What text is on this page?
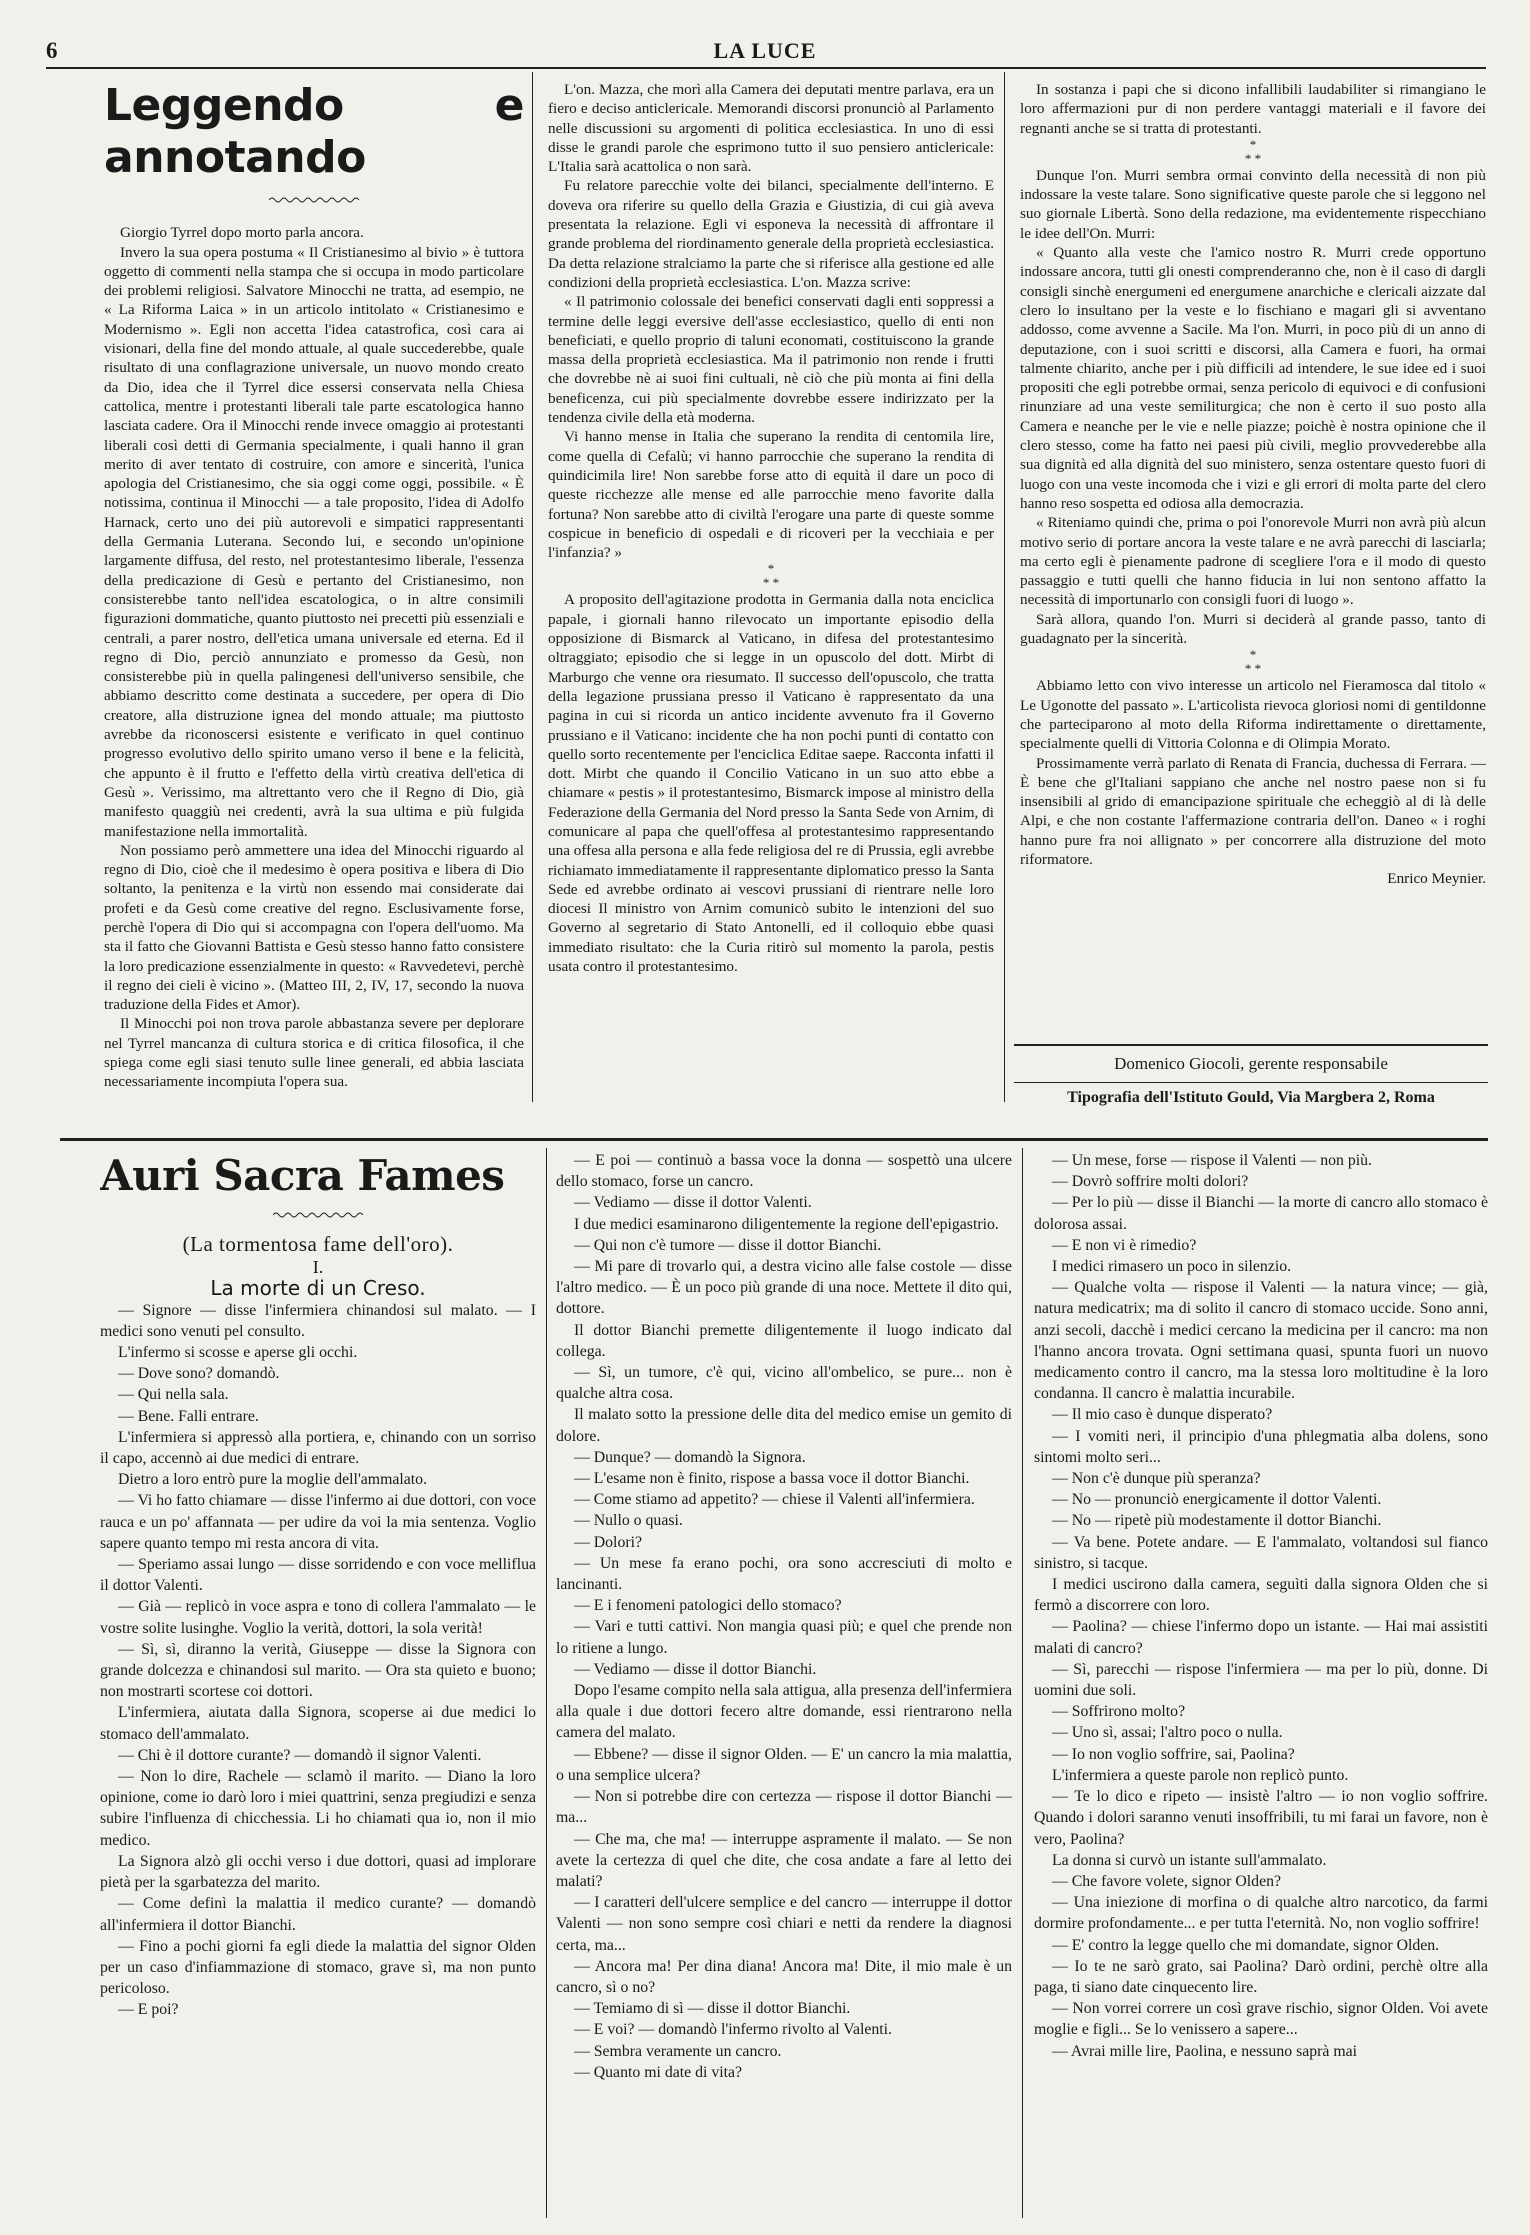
6	LA LUCE

Leggendo e annotando

Giorgio Tyrrel dopo morto parla ancora.

Invero la sua opera postuma « Il Cristianesimo al bivio » è tuttora oggetto di commenti nella stampa che si occupa in modo particolare dei problemi religiosi. Salvatore Minocchi ne tratta, ad esempio, ne « La Riforma Laica » in un articolo intitolato « Cristianesimo e Modernismo ». Egli non accetta l'idea catastrofica, così cara ai visionari, della fine del mondo attuale, al quale succederebbe, quale risultato di una conflagrazione universale, un nuovo mondo creato da Dio, idea che il Tyrrel dice essersi conservata nella Chiesa cattolica, mentre i protestanti liberali tale parte escatologica hanno lasciata cadere. Ora il Minocchi rende invece omaggio ai protestanti liberali così detti di Germania specialmente, i quali hanno il gran merito di aver tentato di costruire, con amore e sincerità, l'unica apologia del Cristianesimo, che sia oggi come oggi, possibile. « È notissima, continua il Minocchi — a tale proposito, l'idea di Adolfo Harnack, certo uno dei più autorevoli e simpatici rappresentanti della Germania Luterana. Secondo lui, e secondo un'opinione largamente diffusa, del resto, nel protestantesimo liberale, l'essenza della predicazione di Gesù e pertanto del Cristianesimo, non consisterebbe tanto nell'idea escatologica, o in altre consimili figurazioni dommatiche, quanto piuttosto nei precetti più essenziali e centrali, a parer nostro, dell'etica umana universale ed eterna. Ed il regno di Dio, perciò annunziato e promesso da Gesù, non consisterebbe più in quella palingenesi dell'universo sensibile, che abbiamo descritto come destinata a succedere, per opera di Dio creatore, alla distruzione ignea del mondo attuale; ma piuttosto avrebbe da riconoscersi esistente e verificato in quel continuo progresso evolutivo dello spirito umano verso il bene e la felicità, che appunto è il frutto e l'effetto della virtù creativa dell'etica di Gesù ». Verissimo, ma altrettanto vero che il Regno di Dio, già manifesto quaggiù nei credenti, avrà la sua ultima e più fulgida manifestazione nella immortalità.

Non possiamo però ammettere una idea del Minocchi riguardo al regno di Dio, cioè che il medesimo è opera positiva e libera di Dio soltanto, la penitenza e la virtù non essendo mai considerate dai profeti e da Gesù come creative del regno. Esclusivamente forse, perchè l'opera di Dio qui si accompagna con l'opera dell'uomo. Ma sta il fatto che Giovanni Battista e Gesù stesso hanno fatto consistere la loro predicazione essenzialmente in questo: « Ravvedetevi, perchè il regno dei cieli è vicino ». (Matteo III, 2, IV, 17, secondo la nuova traduzione della Fides et Amor).

Il Minocchi poi non trova parole abbastanza severe per deplorare nel Tyrrel mancanza di cultura storica e di critica filosofica, il che spiega come egli siasi tenuto sulle linee generali, ed abbia lasciata necessariamente incompiuta l'opera sua.

L'on. Mazza, che morì alla Camera dei deputati mentre parlava, era un fiero e deciso anticlericale. Memorandi discorsi pronunciò al Parlamento nelle discussioni su argomenti di politica ecclesiastica. In uno di essi disse le grandi parole che esprimono tutto il suo pensiero anticlericale: L'Italia sarà acattolica o non sarà.

Fu relatore parecchie volte dei bilanci, specialmente dell'interno. E doveva ora riferire su quello della Grazia e Giustizia, di cui già aveva presentata la relazione. Egli vi esponeva la necessità di affrontare il grande problema del riordinamento generale della proprietà ecclesiastica. Da detta relazione stralciamo la parte che si riferisce alla gestione ed alle condizioni della proprietà ecclesiastica. L'on. Mazza scrive:

« Il patrimonio colossale dei benefici conservati dagli enti soppressi a termine delle leggi eversive dell'asse ecclesiastico, quello di enti non beneficiati, e quello proprio di taluni economati, costituiscono la grande massa della proprietà ecclesiastica. Ma il patrimonio non rende i frutti che dovrebbe nè ai suoi fini cultuali, nè ciò che più monta ai fini della beneficenza, cui più specialmente dovrebbe essere indirizzato per la tendenza civile della età moderna.

Vi hanno mense in Italia che superano la rendita di centomila lire, come quella di Cefalù; vi hanno parrocchie che superano la rendita di quindicimila lire! Non sarebbe forse atto di equità il dare un poco di queste ricchezze alle mense ed alle parrocchie meno favorite dalla fortuna? Non sarebbe atto di civiltà l'erogare una parte di queste somme cospicue in beneficio di ospedali e di ricoveri per la vecchiaia e per l'infanzia? »

*
* *

A proposito dell'agitazione prodotta in Germania dalla nota enciclica papale, i giornali hanno rilevocato un importante episodio della opposizione di Bismarck al Vaticano, in difesa del protestantesimo oltraggiato; episodio che si legge in un opuscolo del dott. Mirbt di Marburgo che venne ora riesumato. Il successo dell'opuscolo, che tratta della legazione prussiana presso il Vaticano è rappresentato da una pagina in cui si ricorda un antico incidente avvenuto fra il Governo prussiano e il Vaticano: incidente che ha non pochi punti di contatto con quello sorto recentemente per l'enciclica Editae saepe. Racconta infatti il dott. Mirbt che quando il Concilio Vaticano in un suo atto ebbe a chiamare « pestis » il protestantesimo, Bismarck impose al ministro della Federazione della Germania del Nord presso la Santa Sede von Arnim, di comunicare al papa che quell'offesa al protestantesimo rappresentando una offesa alla persona e alla fede religiosa del re di Prussia, egli avrebbe richiamato immediatamente il rappresentante diplomatico presso la Santa Sede ed avrebbe ordinato ai vescovi prussiani di rientrare nelle loro diocesi Il ministro von Arnim comunicò subito le intenzioni del suo Governo al segretario di Stato Antonelli, ed il colloquio ebbe quasi immediato risultato: che la Curia ritirò sul momento la parola, pestis usata contro il protestantesimo.

In sostanza i papi che si dicono infallibili laudabiliter si rimangiano le loro affermazioni pur di non perdere vantaggi materiali e il favore dei regnanti anche se si tratta di protestanti.

*
* *

Dunque l'on. Murri sembra ormai convinto della necessità di non più indossare la veste talare. Sono significative queste parole che si leggono nel suo giornale Libertà. Sono della redazione, ma evidentemente rispecchiano le idee dell'On. Murri:

« Quanto alla veste che l'amico nostro R. Murri crede opportuno indossare ancora, tutti gli onesti comprenderanno che, non è il caso di dargli consigli sinchè energumeni ed energumene anarchiche e clericali aizzate dal clero lo insultano per la veste e lo fischiano e magari gli si avventano addosso, come avvenne a Sacile. Ma l'on. Murri, in poco più di un anno di deputazione, con i suoi scritti e discorsi, alla Camera e fuori, ha ormai talmente chiarito, anche per i più difficili ad intendere, le sue idee ed i suoi propositi che egli potrebbe ormai, senza pericolo di equivoci e di confusioni rinunziare ad una veste semiliturgica; che non è certo il suo posto alla Camera e neanche per le vie e nelle piazze; poichè è nostra opinione che il clero stesso, come ha fatto nei paesi più civili, meglio provvederebbe alla sua dignità ed alla dignità del suo ministero, senza ostentare questo fuori di luogo con una veste incomoda che i vizi e gli errori di molta parte del clero hanno reso sospetta ed odiosa alla democrazia.

« Riteniamo quindi che, prima o poi l'onorevole Murri non avrà più alcun motivo serio di portare ancora la veste talare e ne avrà parecchi di lasciarla; ma certo egli è pienamente padrone di scegliere l'ora e il modo di questo passaggio e tutti quelli che hanno fiducia in lui non sentono affatto la necessità di importunarlo con consigli fuori di luogo ».

Sarà allora, quando l'on. Murri si deciderà al grande passo, tanto di guadagnato per la sincerità.

*
* *

Abbiamo letto con vivo interesse un articolo nel Fieramosca dal titolo « Le Ugonotte del passato ». L'articolista rievoca gloriosi nomi di gentildonne che parteciparono al moto della Riforma indirettamente o direttamente, specialmente quelli di Vittoria Colonna e di Olimpia Morato.

Prossimamente verrà parlato di Renata di Francia, duchessa di Ferrara. — È bene che gl'Italiani sappiano che anche nel nostro paese non si fu insensibili al grido di emancipazione spirituale che echeggiò al di là delle Alpi, e che non costante l'affermazione contraria dell'on. Daneo « i roghi hanno pure fra noi allignato » per concorrere alla distruzione del moto riformatore.

Enrico Meynier.

Domenico Giocoli, gerente responsabile
Tipografia dell'Istituto Gould, Via Margbera 2, Roma

Auri Sacra Fames

(La tormentosa fame dell'oro).

I.

La morte di un Creso.

— Signore — disse l'infermiera chinandosi sul malato. — I medici sono venuti pel consulto.

L'infermo si scosse e aperse gli occhi.

— Dove sono? domandò.

— Qui nella sala.

— Bene. Falli entrare.

L'infermiera si appressò alla portiera, e, chinando con un sorriso il capo, accennò ai due medici di entrare.

Dietro a loro entrò pure la moglie dell'ammalato.

— Vi ho fatto chiamare — disse l'infermo ai due dottori, con voce rauca e un po' affannata — per udire da voi la mia sentenza. Voglio sapere quanto tempo mi resta ancora di vita.

— Speriamo assai lungo — disse sorridendo e con voce melliflua il dottor Valenti.

— Già — replicò in voce aspra e tono di collera l'ammalato — le vostre solite lusinghe. Voglio la verità, dottori, la sola verità!

— Sì, sì, diranno la verità, Giuseppe — disse la Signora con grande dolcezza e chinandosi sul marito. — Ora sta quieto e buono; non mostrarti scortese coi dottori.

L'infermiera, aiutata dalla Signora, scoperse ai due medici lo stomaco dell'ammalato.

— Chi è il dottore curante? — domandò il signor Valenti.

— Non lo dire, Rachele — sclamò il marito. — Diano la loro opinione, come io darò loro i miei quattrini, senza pregiudizi e senza subire l'influenza di chicchessia. Li ho chiamati qua io, non il mio medico.

La Signora alzò gli occhi verso i due dottori, quasi ad implorare pietà per la sgarbatezza del marito.

— Come definì la malattia il medico curante? — domandò all'infermiera il dottor Bianchi.

— Fino a pochi giorni fa egli diede la malattia del signor Olden per un caso d'infiammazione di stomaco, grave sì, ma non punto pericoloso.

— E poi?

— E poi — continuò a bassa voce la donna — sospettò una ulcere dello stomaco, forse un cancro.

— Vediamo — disse il dottor Valenti.

I due medici esaminarono diligentemente la regione dell'epigastrio.

— Qui non c'è tumore — disse il dottor Bianchi.

— Mi pare di trovarlo qui, a destra vicino alle false costole — disse l'altro medico. — È un poco più grande di una noce. Mettete il dito qui, dottore.

Il dottor Bianchi premette diligentemente il luogo indicato dal collega.

— Sì, un tumore, c'è qui, vicino all'ombelico, se pure... non è qualche altra cosa.

Il malato sotto la pressione delle dita del medico emise un gemito di dolore.

— Dunque? — domandò la Signora.

— L'esame non è finito, rispose a bassa voce il dottor Bianchi.

— Come stiamo ad appetito? — chiese il Valenti all'infermiera.

— Nullo o quasi.

— Dolori?

— Un mese fa erano pochi, ora sono accresciuti di molto e lancinanti.

— E i fenomeni patologici dello stomaco?

— Vari e tutti cattivi. Non mangia quasi più; e quel che prende non lo ritiene a lungo.

— Vediamo — disse il dottor Bianchi.

Dopo l'esame compito nella sala attigua, alla presenza dell'infermiera alla quale i due dottori fecero altre domande, essi rientrarono nella camera del malato.

— Ebbene? — disse il signor Olden. — E' un cancro la mia malattia, o una semplice ulcera?

— Non si potrebbe dire con certezza — rispose il dottor Bianchi — ma...

— Che ma, che ma! — interruppe aspramente il malato. — Se non avete la certezza di quel che dite, che cosa andate a fare al letto dei malati?

— I caratteri dell'ulcere semplice e del cancro — interruppe il dottor Valenti — non sono sempre così chiari e netti da rendere la diagnosi certa, ma...

— Ancora ma! Per dina diana! Ancora ma! Dite, il mio male è un cancro, sì o no?

— Temiamo di sì — disse il dottor Bianchi.

— E voi? — domandò l'infermo rivolto al Valenti.

— Sembra veramente un cancro.

— Quanto mi date di vita?

— Un mese, forse — rispose il Valenti — non più.

— Dovrò soffrire molti dolori?

— Per lo più — disse il Bianchi — la morte di cancro allo stomaco è dolorosa assai.

— E non vi è rimedio?

I medici rimasero un poco in silenzio.

— Qualche volta — rispose il Valenti — la natura vince; — già, natura medicatrix; ma di solito il cancro di stomaco uccide. Sono anni, anzi secoli, dacchè i medici cercano la medicina per il cancro: ma non l'hanno ancora trovata. Ogni settimana quasi, spunta fuori un nuovo medicamento contro il cancro, ma la stessa loro moltitudine è la loro condanna. Il cancro è malattia incurabile.

— Il mio caso è dunque disperato?

— I vomiti neri, il principio d'una phlegmatia alba dolens, sono sintomi molto seri...

— Non c'è dunque più speranza?

— No — pronunciò energicamente il dottor Valenti.

— No — ripetè più modestamente il dottor Bianchi.

— Va bene. Potete andare. — E l'ammalato, voltandosi sul fianco sinistro, si tacque.

I medici uscirono dalla camera, seguìti dalla signora Olden che si fermò a discorrere con loro.

— Paolina? — chiese l'infermo dopo un istante. — Hai mai assistiti malati di cancro?

— Sì, parecchi — rispose l'infermiera — ma per lo più, donne. Di uomini due soli.

— Soffrirono molto?

— Uno sì, assai; l'altro poco o nulla.

— Io non voglio soffrire, sai, Paolina?

L'infermiera a queste parole non replicò punto.

— Te lo dico e ripeto — insistè l'altro — io non voglio soffrire. Quando i dolori saranno venuti insoffribili, tu mi farai un favore, non è vero, Paolina?

La donna si curvò un istante sull'ammalato.

— Che favore volete, signor Olden?

— Una iniezione di morfina o di qualche altro narcotico, da farmi dormire profondamente... e per tutta l'eternità. No, non voglio soffrire!

— E' contro la legge quello che mi domandate, signor Olden.

— Io te ne sarò grato, sai Paolina? Darò ordini, perchè oltre alla paga, ti siano date cinquecento lire.

— Non vorrei correre un così grave rischio, signor Olden. Voi avete moglie e figli... Se lo venissero a sapere...

— Avrai mille lire, Paolina, e nessuno saprà mai
